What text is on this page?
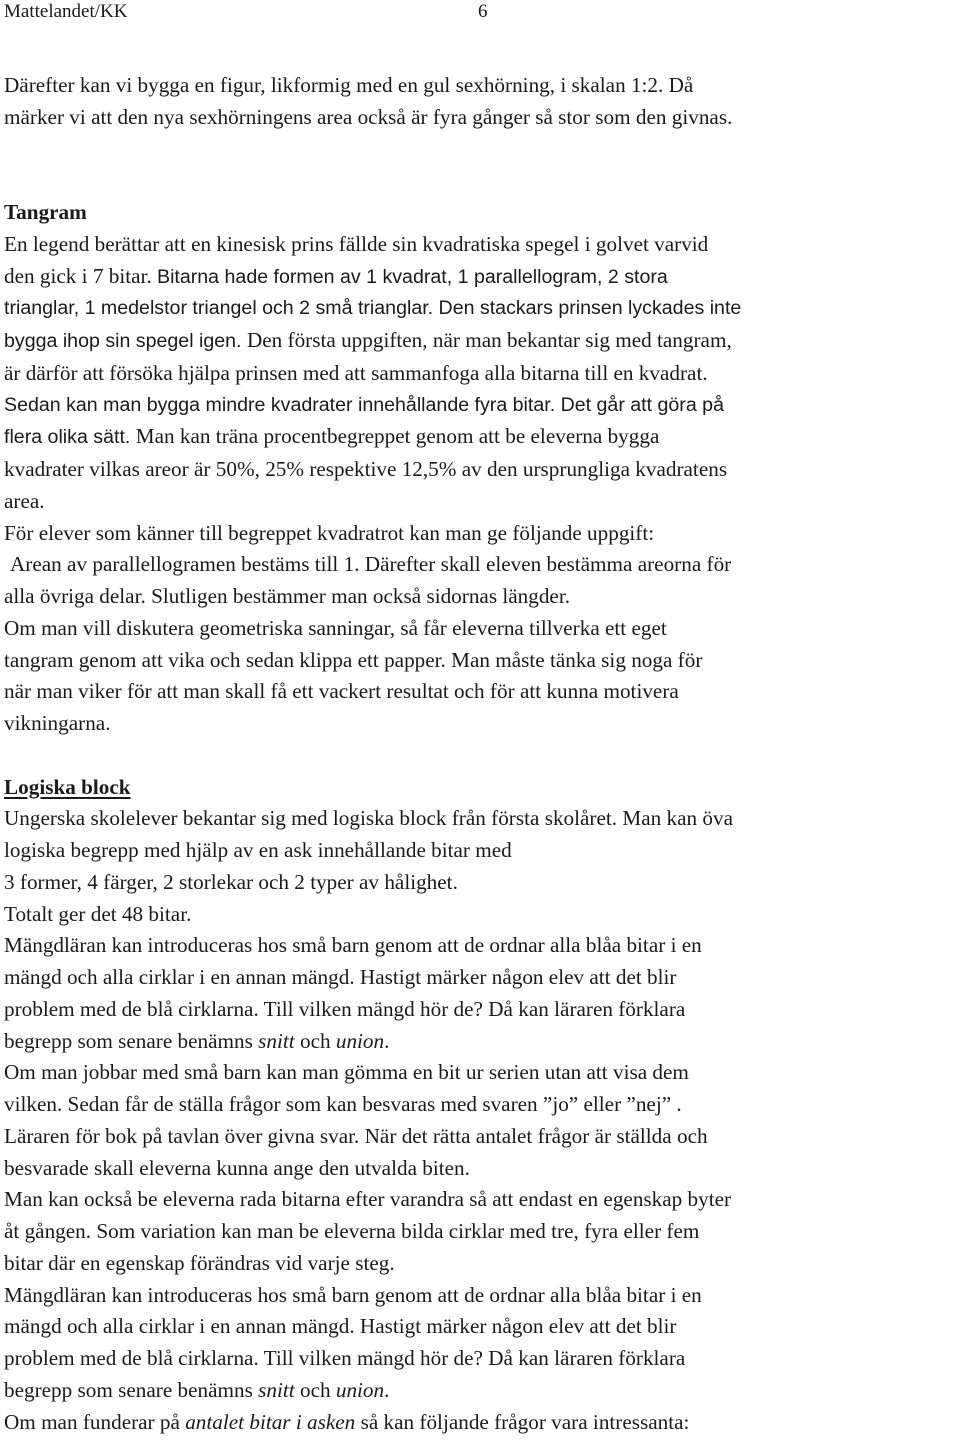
Mattelandet/KK	6

Därefter kan vi bygga en figur, likformig med en gul sexhörning, i skalan 1:2. Då

märker vi att den nya sexhörningens area också är fyra gånger så stor som den givnas.

Tangram

En legend berättar att en kinesisk prins fällde sin kvadratiska spegel i golvet varvid

den gick i 7 bitar. Bitarna hade formen av 1 kvadrat, 1 parallellogram, 2 stora

trianglar, 1 medelstor triangel och 2 små trianglar. Den stackars prinsen lyckades inte

bygga ihop sin spegel igen. Den första uppgiften, när man bekantar sig med tangram,

är därför att försöka hjälpa prinsen med att sammanfoga alla bitarna till en kvadrat.

Sedan kan man bygga mindre kvadrater innehållande fyra bitar. Det går att göra på

flera olika sätt. Man kan träna procentbegreppet genom att be eleverna bygga

kvadrater vilkas areor är 50%, 25% respektive 12,5% av den ursprungliga kvadratens

area.

För elever som känner till begreppet kvadratrot kan man ge följande uppgift:

Arean av parallellogramen bestäms till 1. Därefter skall eleven bestämma areorna för

alla övriga delar. Slutligen bestämmer man också sidornas längder.

Om man vill diskutera geometriska sanningar, så får eleverna tillverka ett eget

tangram genom att vika och sedan klippa ett papper. Man måste tänka sig noga för

när man viker för att man skall få ett vackert resultat och för att kunna motivera

vikningarna.

Logiska block

Ungerska skolelever bekantar sig med logiska block från första skolåret. Man kan öva

logiska begrepp med hjälp av en ask innehållande bitar med

3 former, 4 färger, 2 storlekar och 2 typer av hålighet.

Totalt ger det 48 bitar.

Mängdläran kan introduceras hos små barn genom att de ordnar alla blåa bitar i en

mängd och alla cirklar i en annan mängd. Hastigt märker någon elev att det blir

problem med de blå cirklarna. Till vilken mängd hör de? Då kan läraren förklara

begrepp som senare benämns snitt och union.

Om man jobbar med små barn kan man gömma en bit ur serien utan att visa dem

vilken. Sedan får de ställa frågor som kan besvaras med svaren ”jo” eller ”nej” .

Läraren för bok på tavlan över givna svar. När det rätta antalet frågor är ställda och

besvarade skall eleverna kunna ange den utvalda biten.

Man kan också be eleverna rada bitarna efter varandra så att endast en egenskap byter

åt gången. Som variation kan man be eleverna bilda cirklar med tre, fyra eller fem

bitar där en egenskap förändras vid varje steg.

Mängdläran kan introduceras hos små barn genom att de ordnar alla blåa bitar i en

mängd och alla cirklar i en annan mängd. Hastigt märker någon elev att det blir

problem med de blå cirklarna. Till vilken mängd hör de? Då kan läraren förklara

begrepp som senare benämns snitt och union.

Om man funderar på antalet bitar i asken så kan följande frågor vara intressanta:
